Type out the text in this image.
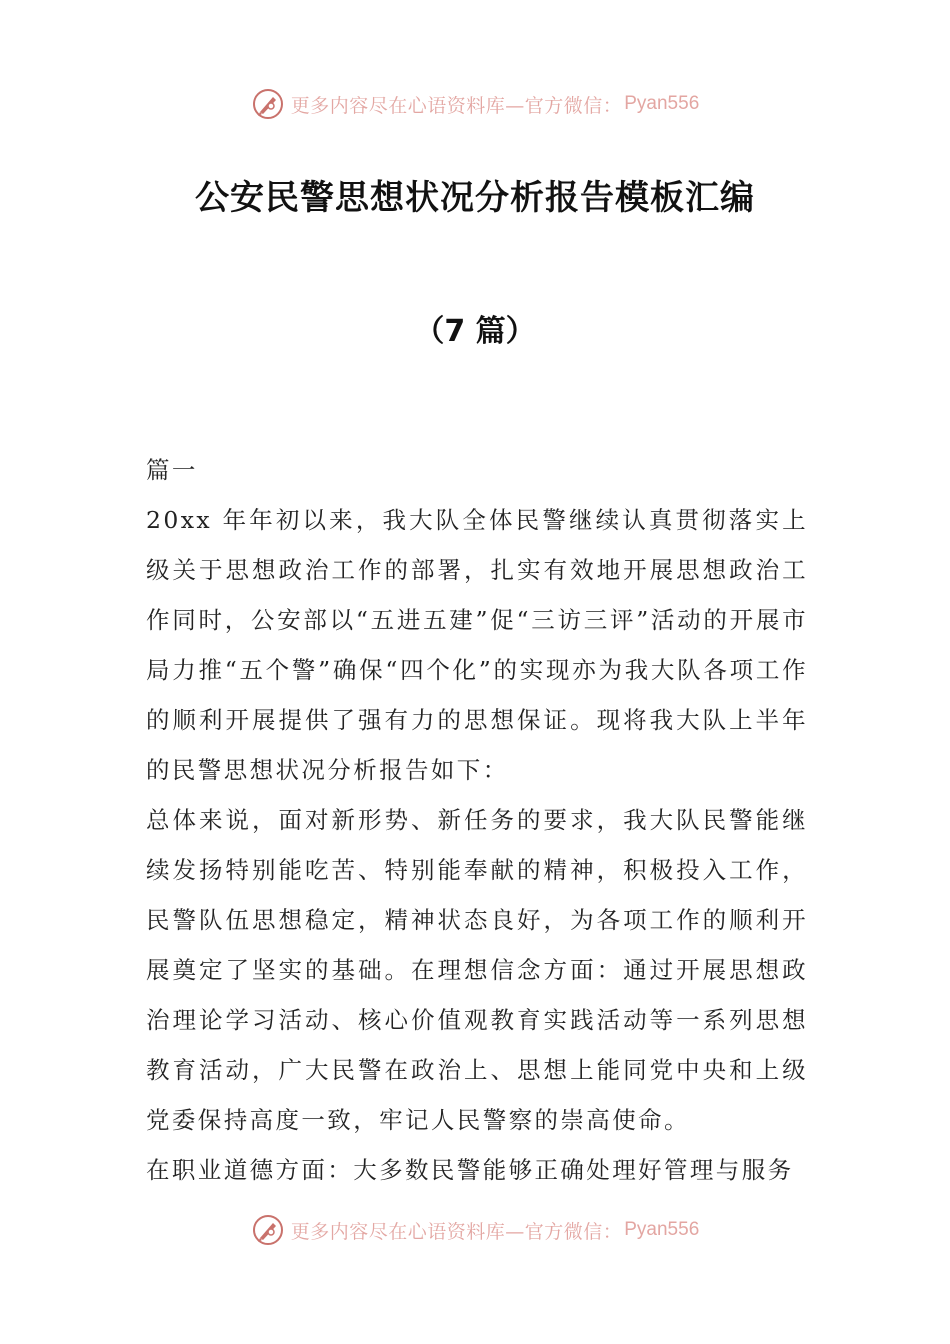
更多内容尽在心语资料库—官方微信： Pyan556
公安民警思想状况分析报告模板汇编
（7 篇）

篇一

20xx 年年初以来，我大队全体民警继续认真贯彻落实上级关于思想政治工作的部署，扎实有效地开展思想政治工作同时，公安部以“五进五建”促“三访三评”活动的开展市局力推“五个警”确保“四个化”的实现亦为我大队各项工作的顺利开展提供了强有力的思想保证。现将我大队上半年的民警思想状况分析报告如下：

总体来说，面对新形势、新任务的要求，我大队民警能继续发扬特别能吃苦、特别能奉献的精神，积极投入工作，民警队伍思想稳定，精神状态良好，为各项工作的顺利开展奠定了坚实的基础。在理想信念方面：通过开展思想政治理论学习活动、核心价值观教育实践活动等一系列思想教育活动，广大民警在政治上、思想上能同党中央和上级党委保持高度一致，牢记人民警察的崇高使命。

在职业道德方面：大多数民警能够正确处理好管理与服务

更多内容尽在心语资料库—官方微信： Pyan556
